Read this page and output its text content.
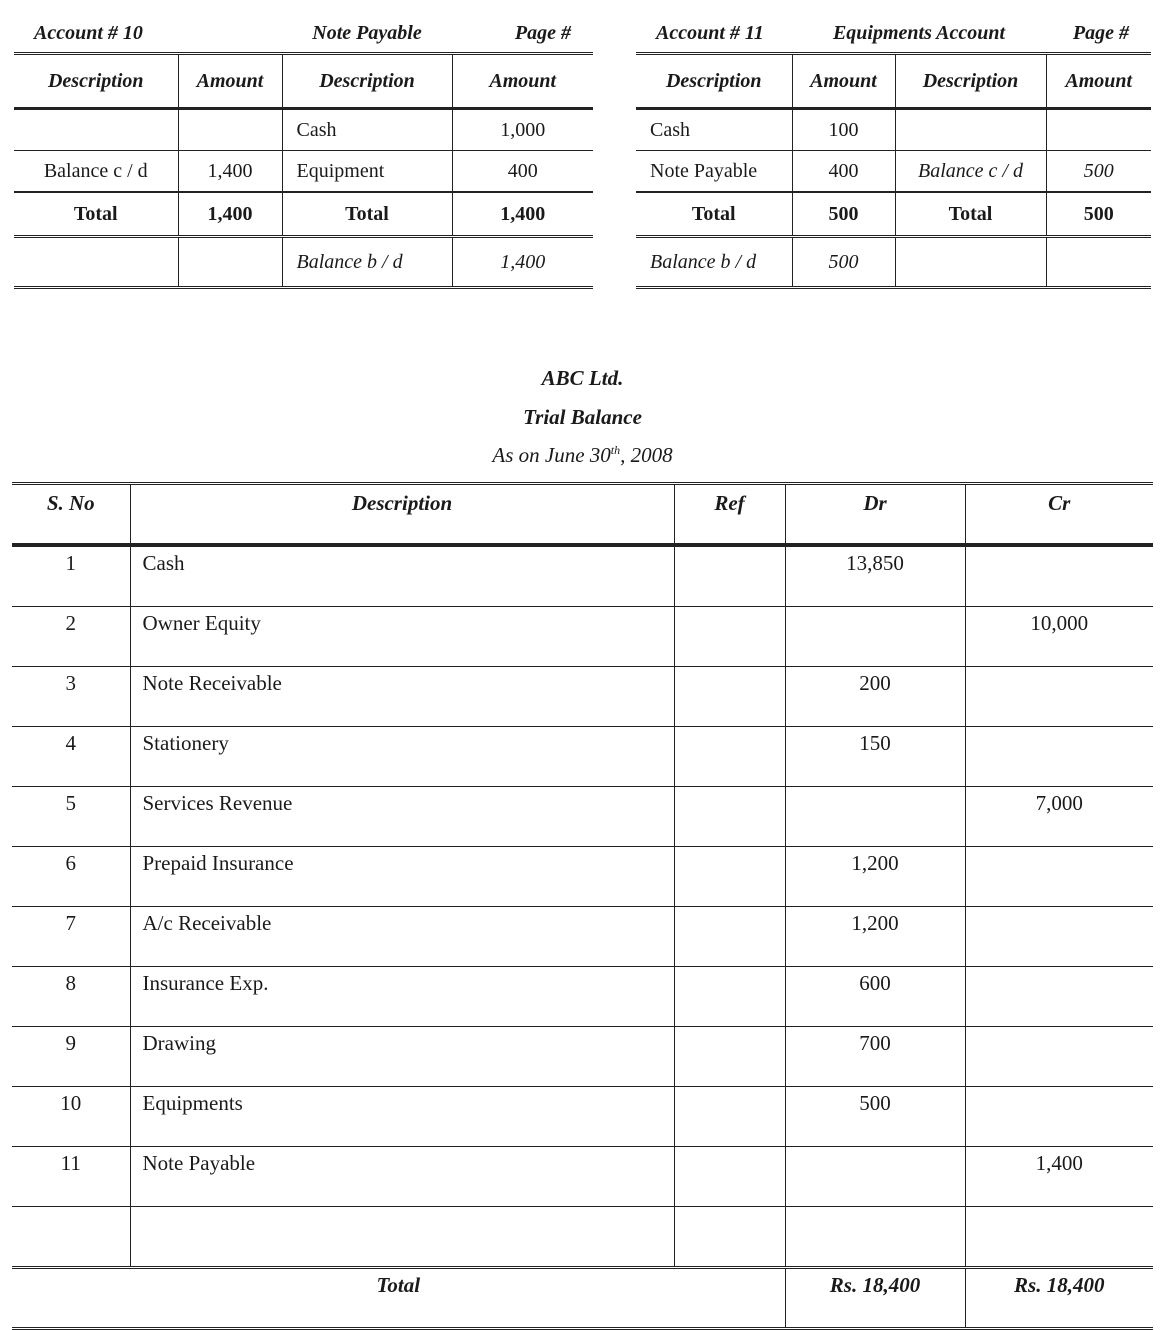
Account # 10		Note Payable	Page #
Description	Amount	Description	Amount
		Cash	1,000
Balance c / d	1,400	Equipment	400
Total	1,400	Total	1,400
		Balance b / d	1,400
Account # 11	Equipments Account		Page #
Description	Amount	Description	Amount
Cash	100		
Note Payable	400	Balance c / d	500
Total	500	Total	500
Balance b / d	500		
ABC Ltd.
Trial Balance
As on June 30th, 2008
S. No	Description	Ref	Dr	Cr
1	Cash		13,850	
2	Owner Equity			10,000
3	Note Receivable		200	
4	Stationery		150	
5	Services Revenue			7,000
6	Prepaid Insurance		1,200	
7	A/c Receivable		1,200	
8	Insurance Exp.		600	
9	Drawing		700	
10	Equipments		500	
11	Note Payable			1,400

Total			Rs. 18,400	Rs. 18,400
